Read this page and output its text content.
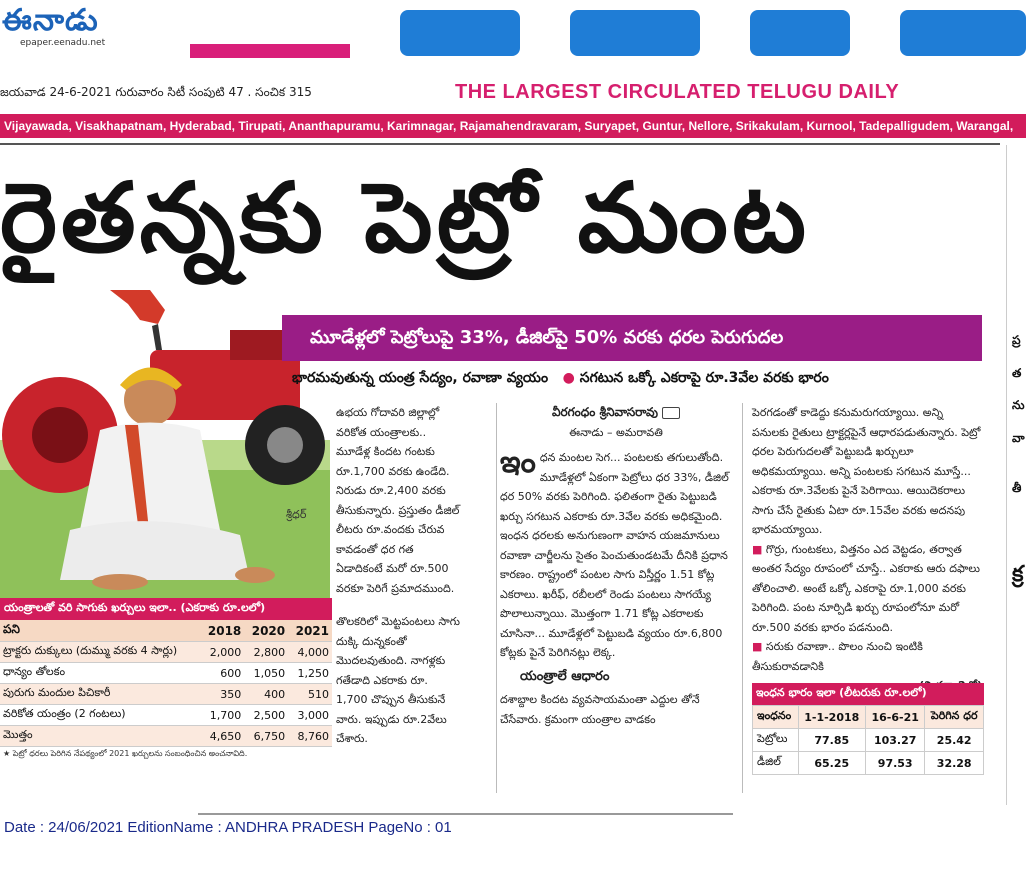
ఈనాడు
epaper.eenadu.net
జయవాడ 24-6-2021 గురువారం సిటీ సంపుటి 47 . సంచిక 315	THE LARGEST CIRCULATED TELUGU DAILY
Vijayawada, Visakhapatnam, Hyderabad, Tirupati, Ananthapuramu, Karimnagar, Rajamahendravaram, Suryapet, Guntur, Nellore, Srikakulam, Kurnool, Tadepalligudem, Warangal,
రైతన్నకు పెట్రో మంట
శ్రీధర్
మూడేళ్లలో పెట్రోలుపై 33%, డీజిల్‌పై 50% వరకు ధరల పెరుగుదల
భారమవుతున్న యంత్ర సేద్యం, రవాణా వ్యయం ● సగటున ఒక్కో ఎకరాపై రూ.3వేల వరకు భారం

ఉభయ గోదావరి జిల్లాల్లో వరికోత యంత్రాలకు.. మూడేళ్ల కిందట గంటకు రూ.1,700 వరకు ఉండేది. నిరుడు రూ.2,400 వరకు తీసుకున్నారు. ప్రస్తుతం డీజిల్ లీటరు రూ.వందకు చేరువ కావడంతో ధర గత ఏడాదికంటే మరో రూ.500 వరకూ పెరిగే ప్రమాదముంది.

తొలకరిలో మెట్టపంటలు సాగు దుక్కి దున్నకంతో మొదలవుతుంది. నాగళ్లకు గతేడాది ఎకరాకు రూ. 1,700 చొప్పున తీసుకునే వారు. ఇప్పుడు రూ.2వేలు చేశారు.

వీరగంధం శ్రీనివాసరావు
ఈనాడు – అమరావతి

ఇంధన మంటల సెగ... పంటలకు తగులుతోంది. మూడేళ్లలో ఏకంగా పెట్రోలు ధర 33%, డీజిల్ ధర 50% వరకు పెరిగింది. ఫలితంగా రైతు పెట్టుబడి ఖర్చు సగటున ఎకరాకు రూ.3వేల వరకు అధికమైంది. ఇంధన ధరలకు అనుగుణంగా వాహన యజమానులు రవాణా చార్జీలను సైతం పెంచుతుండటమే దీనికి ప్రధాన కారణం. రాష్ట్రంలో పంటల సాగు విస్తీర్ణం 1.51 కోట్ల ఎకరాలు. ఖరీఫ్, రబీలలో రెండు పంటలు సాగయ్యే పొలాలున్నాయి. మొత్తంగా 1.71 కోట్ల ఎకరాలకు చూసినా... మూడేళ్లలో పెట్టుబడి వ్యయం రూ.6,800 కోట్లకు పైనే పెరిగినట్లు లెక్క.

యంత్రాలే ఆధారం

దశాబ్దాల కిందట వ్యవసాయమంతా ఎద్దుల తోనే చేసేవారు. క్రమంగా యంత్రాల వాడకం

పెరగడంతో కాడెద్దు కనుమరుగయ్యాయి. అన్ని పనులకు రైతులు ట్రాక్టర్లపైనే ఆధారపడుతున్నారు. పెట్రో ధరల పెరుగుదలతో పెట్టుబడి ఖర్చులూ అధికమయ్యాయి. అన్ని పంటలకు సగటున మూస్తే... ఎకరాకు రూ.3వేలకు పైనే పెరిగాయి. ఆయిదెకరాలు సాగు చేసే రైతుకు ఏటా రూ.15వేల వరకు అదనపు భారమయ్యాయి.

■ గొర్రు, గుంటకలు, విత్తనం ఎద వెట్టడం, తర్వాత అంతర సేద్యం రూపంలో చూస్తే.. ఎకరాకు ఆరు దఫాలు తోలించాలి. అంటే ఒక్కో ఎకరాపై రూ.1,000 వరకు పెరిగింది. పంట నూర్పిడి ఖర్చు రూపంలోనూ మరో రూ.500 వరకు భారం పడనుంది.

■ సరుకు రవాణా.. పొలం నుంచి ఇంటికి తీసుకురావడానికి

యంత్రాలతో వరి సాగుకు ఖర్చులు ఇలా.. (ఎకరాకు రూ.లలో)
పని	2018	2020	2021
ట్రాక్టరు దుక్కులు (దుమ్ము వరకు 4 సార్లు)	2,000	2,800	4,000
ధాన్యం తోలకం	600	1,050	1,250
పురుగు మందుల పిచికారీ	350	400	510
వరికోత యంత్రం (2 గంటలు)	1,700	2,500	3,000
మొత్తం	4,650	6,750	8,760
★ పెట్రో ధరలు పెరిగిన నేపథ్యంలో 2021 ఖర్చులను సంబంధించిన అంచనావిది.
ఇంధన భారం ఇలా (లీటరుకు రూ.లలో)
ఇంధనం	1-1-2018	16-6-21	పెరిగిన ధర
పెట్రోలు	77.85	103.27	25.42
డీజిల్	65.25	97.53	32.28
ప్ర
త
ను
వా
తీ
క్ర
Date : 24/06/2021 EditionName : ANDHRA PRADESH PageNo : 01
